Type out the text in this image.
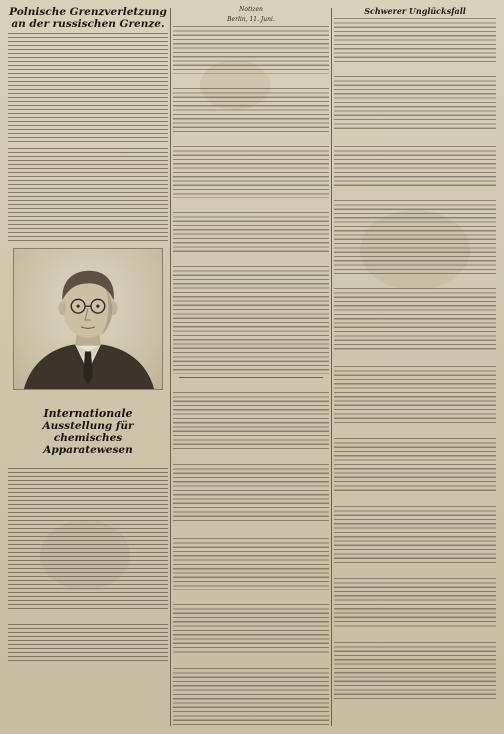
Polnische Grenzverletzung
an der russischen Grenze.
Internationale
Ausstellung für chemisches Apparatewesen
Notizen
Berlin, 11. Juni.
Schwerer Unglücksfall
